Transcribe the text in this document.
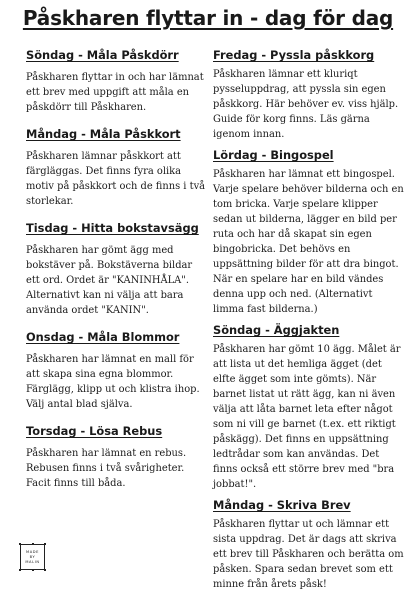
Påskharen flyttar in - dag för dag

Söndag - Måla Påskdörr

Påskharen flyttar in och har lämnat ett brev med uppgift att måla en påskdörr till Påskharen.

Måndag - Måla Påskkort

Påskharen lämnar påskkort att färgläggas. Det finns fyra olika motiv på påskkort och de finns i två storlekar.

Tisdag - Hitta bokstavsägg

Påskharen har gömt ägg med bokstäver på. Bokstäverna bildar ett ord. Ordet är "KANINHÅLA". Alternativt kan ni välja att bara använda ordet "KANIN".

Onsdag - Måla Blommor

Påskharen har lämnat en mall för att skapa sina egna blommor. Färglägg, klipp ut och klistra ihop. Välj antal blad själva.

Torsdag - Lösa Rebus

Påskharen har lämnat en rebus. Rebusen finns i två svårigheter. Facit finns till båda.

Fredag - Pyssla påskkorg

Påskharen lämnar ett kluriqt pysseluppdrag, att pyssla sin egen påskkorg. Här behöver ev. viss hjälp. Guide för korg finns. Läs gärna igenom innan.

Lördag - Bingospel

Påskharen har lämnat ett bingospel. Varje spelare behöver bilderna och en tom bricka. Varje spelare klipper sedan ut bilderna, lägger en bild per ruta och har då skapat sin egen bingobricka. Det behövs en uppsättning bilder för att dra bingot. När en spelare har en bild vändes denna upp och ned. (Alternativt limma fast bilderna.)

Söndag - Äggjakten

Påskharen har gömt 10 ägg. Målet är att lista ut det hemliga ägget (det elfte ägget som inte gömts). När barnet listat ut rätt ägg, kan ni även välja att låta barnet leta efter något som ni vill ge barnet (t.ex. ett riktigt påskägg). Det finns en uppsättning ledtrådar som kan användas. Det finns också ett större brev med "bra jobbat!".

Måndag - Skriva Brev

Påskharen flyttar ut och lämnar ett sista uppdrag. Det är dags att skriva ett brev till Påskharen och berätta om påsken. Spara sedan brevet som ett minne från årets påsk!

MADE
BY
MALIN
